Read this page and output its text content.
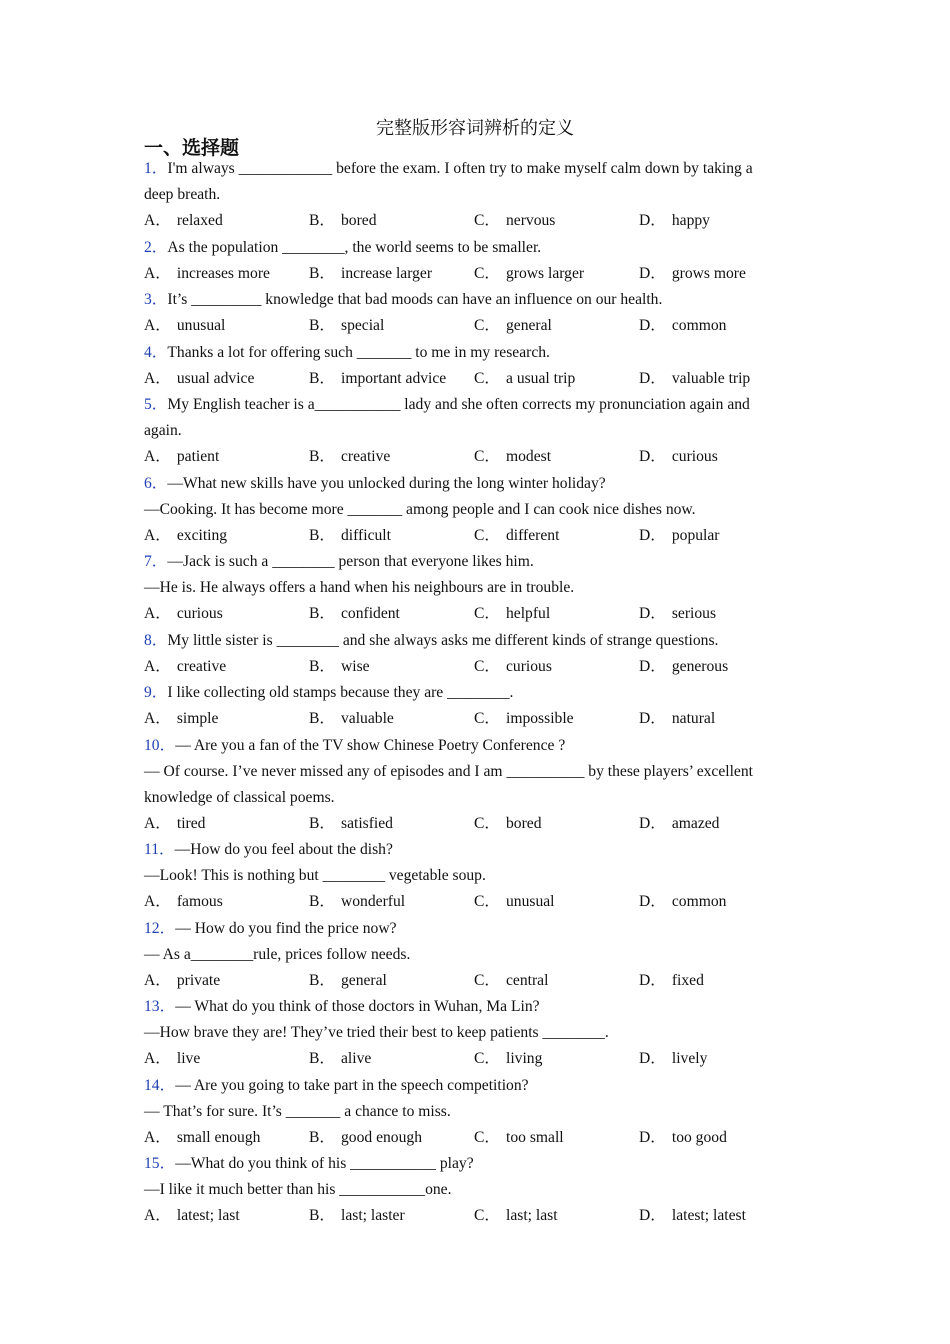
完整版形容词辨析的定义
一、选择题
1．I'm always ____________ before the exam. I often try to make myself calm down by taking a
deep breath.
A． relaxed	B． bored	C． nervous	D． happy
2．As the population ________, the world seems to be smaller.
A． increases more	B． increase larger	C． grows larger	D． grows more
3．It’s _________ knowledge that bad moods can have an influence on our health.
A． unusual	B． special	C． general	D． common
4．Thanks a lot for offering such _______ to me in my research.
A． usual advice	B． important advice	C． a usual trip	D． valuable trip
5．My English teacher is a___________ lady and she often corrects my pronunciation again and
again.
A． patient	B． creative	C． modest	D． curious
6．—What new skills have you unlocked during the long winter holiday?
—Cooking. It has become more _______ among people and I can cook nice dishes now.
A． exciting	B． difficult	C． different	D． popular
7．—Jack is such a ________ person that everyone likes him.
—He is. He always offers a hand when his neighbours are in trouble.
A． curious	B． confident	C． helpful	D． serious
8．My little sister is ________ and she always asks me different kinds of strange questions.
A． creative	B． wise	C． curious	D． generous
9．I like collecting old stamps because they are ________.
A． simple	B． valuable	C． impossible	D． natural
10．— Are you a fan of the TV show Chinese Poetry Conference ?
— Of course. I’ve never missed any of episodes and I am __________ by these players’ excellent
knowledge of classical poems.
A． tired	B． satisfied	C． bored	D． amazed
11．—How do you feel about the dish?
—Look! This is nothing but ________ vegetable soup.
A． famous	B． wonderful	C． unusual	D． common
12．— How do you find the price now?
— As a________rule, prices follow needs.
A． private	B． general	C． central	D． fixed
13．— What do you think of those doctors in Wuhan, Ma Lin?
—How brave they are! They’ve tried their best to keep patients ________.
A． live	B． alive	C． living	D． lively
14．— Are you going to take part in the speech competition?
— That’s for sure. It’s _______ a chance to miss.
A． small enough	B． good enough	C． too small	D． too good
15．—What do you think of his ___________ play?
—I like it much better than his ___________one.
A． latest; last	B． last; laster	C． last; last	D． latest; latest
